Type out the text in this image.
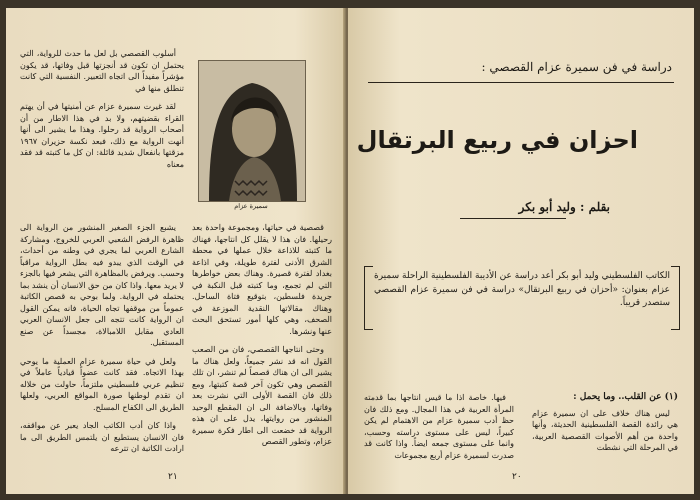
أسلوب القصصي بل لعل ما حدث للرواية، التي يحتمل ان تكون قد أنجزتها قبل وفاتها، قد يكون مؤشراً مفيداً الى اتجاه التعبير. النفسية التي كانت تنطلق منها في

لقد غيرت سميرة عزام عن أمنيتها في أن يهتم القراء بقضيتهم، ولا بد في هذا الاطار من أن أصحاب الرواية قد رحلوا. وهذا ما يشير الى أنها أنهت الرواية مع ذلك، فبعد نكسة حزيران ١٩٦٧ مزقتها بانفعال شديد قائلة: ان كل ما كتبته قد فقد معناه

سميرة عزام

يشبع الجزء الصغير المنشور من الرواية الى ظاهرة الرفض الشعبي العربي للخروج، ومشاركة الشارع العربي لما يجري في وطنه من أحداث، في الوقت الذي يبدو فيه بطل الرواية مراقباً وحسب. ويرفض بالمظاهرة التي يشعر فيها بالجزء لا يريد معها. واذا كان من حق الانسان أن ينشد بما يحتمله في الرواية. ولما بوحي به قصص الكاتبة عموماً من موقفها تجاه الحياة، فانه يمكن القول ان الرواية كانت تتجه الى جعل الانسان العربي العادي مقابل اللامبالاة، مجسداً عن صنع المستقبل.

ولعل في حياة سميرة عزام العملية ما يوحي بهذا الاتجاه. فقد كانت عضواً قيادياً عاملاً في تنظيم عربي فلسطيني ملتزماً، حاولت من خلاله ان تقدم لوطنها صورة المواقع العربي، ولعلها الطريق الى الكفاح المسلح.

واذا كان أدب الكاتب الجاد يعبر عن مواقفه، فان الانسان يستطيع ان يلتمس الطريق الى ما ارادت الكاتبة ان تترعه

قصصية في حياتها، ومجموعة واحدة بعد رحيلها. فان هذا لا يقلل كل انتاجها، فهناك ما كتبته للاذاعة خلال عملها في محطة الشرق الأدنى لفترة طويلة، وفي اذاعة بغداد لفترة قصيرة. وهناك بعض خواطرها التي لم تجمع، وما كتبته قبل النكبة في جريدة فلسطين، بتوقيع فتاة الساحل. وهناك مقالاتها النقدية الموزعة في الصحف، وهي كلها أمور تستحق البحث عنها ونشرها.

وحتى انتاجها القصصي، فان من الصعب القول انه قد نشر جميعاً، ولعل هناك ما يشير الى ان هناك قصصاً لم تنشر، ان تلك القصص وهي تكون آخر قصة كتبتها، ومع ذلك فان القصة الأولى التي نشرت بعد وفاتها، وبالاضافة الى ان المقطع الوحيد المنشور من روايتها، يدل على ان هذه الرواية قد خضعت الى اطار فكرة سميرة عزام، وتطور القصص

٢١
دراسة في فن سميرة عزام القصصي :
احزان في ربيع البرتقال
بقلم : وليد أبو بكر
الكاتب الفلسطيني وليد أبو بكر أعد دراسة عن الأديبة الفلسطينية الراحلة سميرة عزام بعنوان: «أحزان في ربيع البرتقال» دراسة في فن سميرة عزام القصصي ستصدر قريباً.
(١) عن القلب.. وما يحمل :

ليس هناك خلاف على ان سميرة عزام هي رائدة القصة الفلسطينية الحديثة، وأنها واحدة من أهم الأصوات القصصية العربية، في المرحلة التي نشطت

فيها. خاصة اذا ما قيس انتاجها بما قدمته المرأة العربية في هذا المجال. ومع ذلك فان حظ أدب سميرة عزام من الاهتمام لم يكن كبيراً، ليس على مستوى دراسته وحسب، وانما على مستوى جمعه ايضاً. واذا كانت قد صدرت لسميرة عزام أربع مجموعات

٢٠
